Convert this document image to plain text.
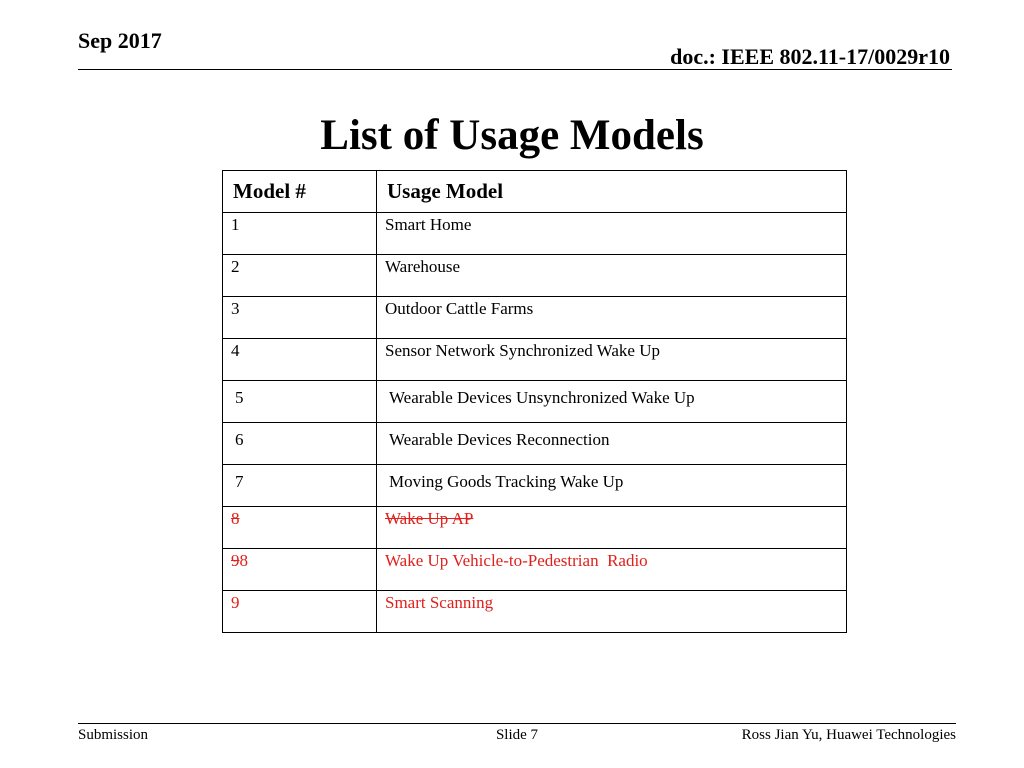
Sep 2017
doc.: IEEE 802.11-17/0029r10
List of Usage Models
Model #	Usage Model
1	Smart Home
2	Warehouse
3	Outdoor Cattle Farms
4	Sensor Network Synchronized Wake Up
5	Wearable Devices Unsynchronized Wake Up
6	Wearable Devices Reconnection
7	Moving Goods Tracking Wake Up
8	Wake Up AP
98	Wake Up Vehicle-to-Pedestrian  Radio
9	Smart Scanning
Submission	Slide 7	Ross Jian Yu, Huawei Technologies
